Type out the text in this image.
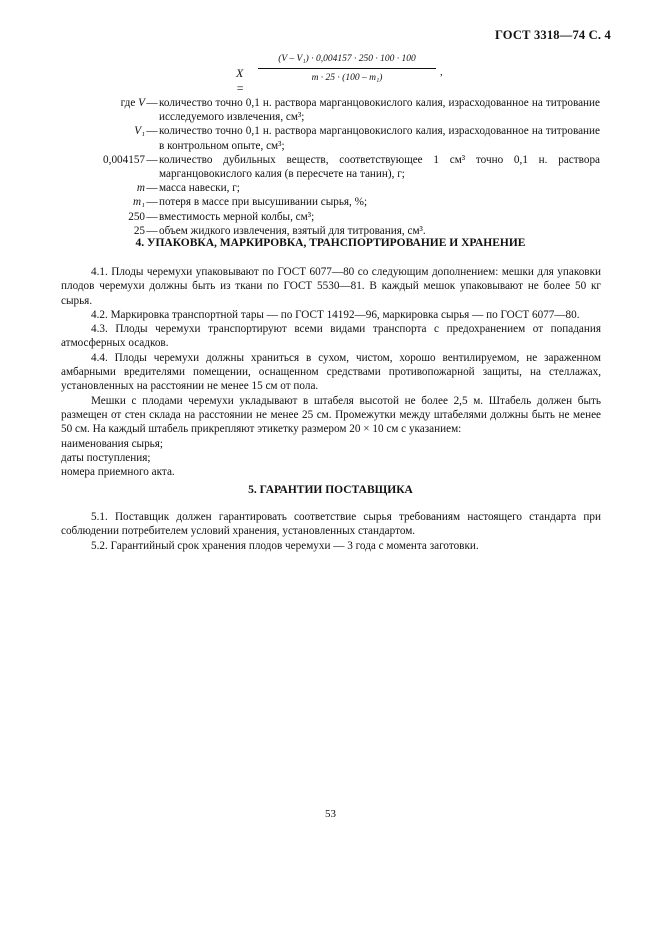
ГОСТ 3318—74 С. 4
X =
(V – V₁) · 0,004157 · 250 · 100 · 100
m · 25 · (100 – m₁)	,
где V — количество точно 0,1 н. раствора марганцовокислого калия, израсходованное на титрование исследуемого извлечения, см³;
V₁ — количество точно 0,1 н. раствора марганцовокислого калия, израсходованное на титрование в контрольном опыте, см³;
0,004157 — количество дубильных веществ, соответствующее 1 см³ точно 0,1 н. раствора марганцовокислого калия (в пересчете на танин), г;
m — масса навески, г;
m₁ — потеря в массе при высушивании сырья, %;
250 — вместимость мерной колбы, см³;
25 — объем жидкого извлечения, взятый для титрования, см³.
4. УПАКОВКА, МАРКИРОВКА, ТРАНСПОРТИРОВАНИЕ И ХРАНЕНИЕ

4.1. Плоды черемухи упаковывают по ГОСТ 6077—80 со следующим дополнением: мешки для упаковки плодов черемухи должны быть из ткани по ГОСТ 5530—81. В каждый мешок упаковывают не более 50 кг сырья.

4.2. Маркировка транспортной тары — по ГОСТ 14192—96, маркировка сырья — по ГОСТ 6077—80.

4.3. Плоды черемухи транспортируют всеми видами транспорта с предохранением от попадания атмосферных осадков.

4.4. Плоды черемухи должны храниться в сухом, чистом, хорошо вентилируемом, не зараженном амбарными вредителями помещении, оснащенном средствами противопожарной защиты, на стеллажах, установленных на расстоянии не менее 15 см от пола.

Мешки с плодами черемухи укладывают в штабеля высотой не более 2,5 м. Штабель должен быть размещен от стен склада на расстоянии не менее 25 см. Промежутки между штабелями должны быть не менее 50 см. На каждый штабель прикрепляют этикетку размером 20 × 10 см с указанием:

наименования сырья;

даты поступления;

номера приемного акта.

5. ГАРАНТИИ ПОСТАВЩИКА

5.1. Поставщик должен гарантировать соответствие сырья требованиям настоящего стандарта при соблюдении потребителем условий хранения, установленных стандартом.

5.2. Гарантийный срок хранения плодов черемухи — 3 года с момента заготовки.

53
